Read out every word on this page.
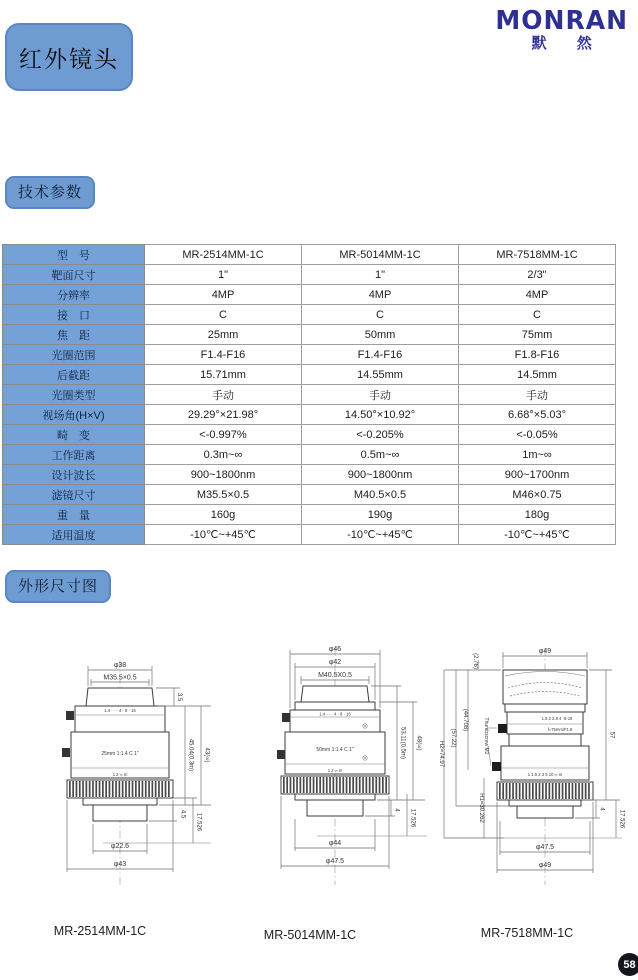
红外镜头
MONRAN
默 然
技术参数
型　号	MR-2514MM-1C	MR-5014MM-1C	MR-7518MM-1C
靶面尺寸	1"	1"	2/3"
分辨率	4MP	4MP	4MP
接　口	C	C	C
焦　距	25mm	50mm	75mm
光圈范围	F1.4-F16	F1.4-F16	F1.8-F16
后截距	15.71mm	14.55mm	14.5mm
光圈类型	手动	手动	手动
视场角(H×V)	29.29°×21.98°	14.50°×10.92°	6.68°×5.03°
畸　变	<-0.997%	<-0.205%	<-0.05%
工作距离	0.3m~∞	0.5m~∞	1m~∞
设计波长	900~1800nm	900~1800nm	900~1700nm
滤镜尺寸	M35.5×0.5	M40.5×0.5	M46×0.75
重　量	160g	190g	180g
适用温度	-10℃~+45℃	-10℃~+45℃	-10℃~+45℃
外形尺寸图
1.4 · · · 4 · 8 · 16
25mm 1:1.4 C 1"
1 2 ∞ m
φ38
M35.5×0.5
3.5
45.04(0.3m) 43(∞)
4.5 17.526
φ22.6
φ43
1.4 · · · 4 · 8 · 16
50mm 1:1.4 C 1"
1 2 ∞ m
φ46
φ42
M40.5X0.5
53.11(0.5m) 48(∞)
4 17.526
φ44
φ47.5
1.8 2 2.8 4 ·8·16
f=75mm/F1.8
1 1.5 2 3 5 10 ∞ m
φ49
57
4
17.526
(2.76)
(44.708)
(57.22)
H2=74.97
H1=30.262
Thumbscrew M2
φ47.5
φ49
MR-2514MM-1C	MR-5014MM-1C	MR-7518MM-1C
58
